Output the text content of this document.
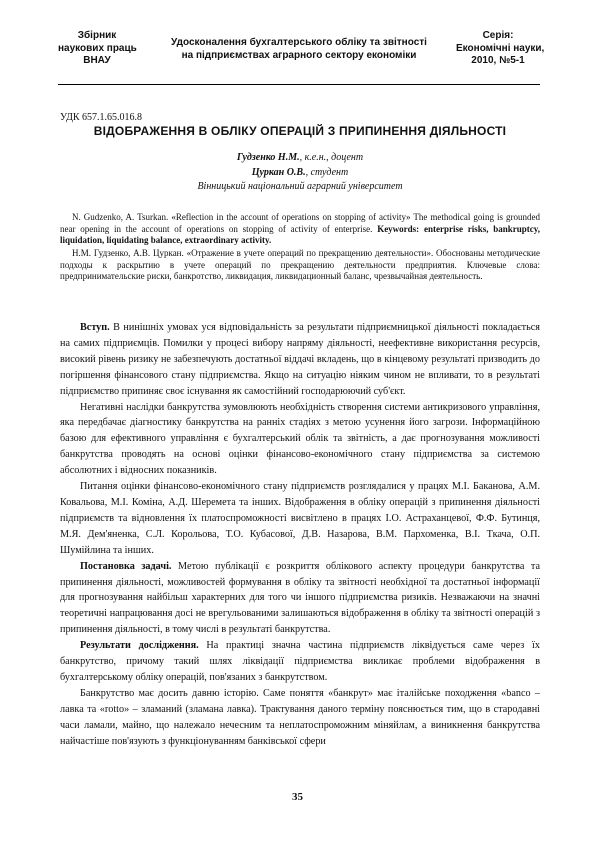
Збірник
наукових праць
ВНАУ
Удосконалення бухгалтерського обліку та звітності
на підприємствах аграрного сектору економіки
Серія:
Економічні науки,
2010, №5-1
УДК 657.1.65.016.8
ВІДОБРАЖЕННЯ В ОБЛІКУ ОПЕРАЦІЙ З ПРИПИНЕННЯ ДІЯЛЬНОСТІ
Гудзенко Н.М., к.е.н., доцент
Цуркан О.В., студент
Вінницький національний аграрний університет
N. Gudzenko, A. Tsurkan. «Reflection in the account of operations on stopping of activity» The methodical going is grounded near opening in the account of operations on stopping of activity of enterprise. Keywords: enterprise risks, bankruptcy, liquidation, liquidating balance, extraordinary activity.
Н.М. Гудзенко, А.В. Цуркан. «Отражение в учете операций по прекращению деятельности». Обоснованы методические подходы к раскрытию в учете операций по прекращению деятельности предприятия. Ключевые слова: предпринимательские риски, банкротство, ликвидация, ликвидационный баланс, чрезвычайная деятельность.

Вступ. В нинішніх умовах уся відповідальність за результати підприємницької діяльності покладається на самих підприємців. Помилки у процесі вибору напряму діяльності, неефективне використання ресурсів, високий рівень ризику не забезпечують достатньої віддачі вкладень, що в кінцевому результаті призводить до погіршення фінансового стану підприємства. Якщо на ситуацію ніяким чином не впливати, то в результаті підприємство припиняє своє існування як самостійний господарюючий суб'єкт.

Негативні наслідки банкрутства зумовлюють необхідність створення системи антикризового управління, яка передбачає діагностику банкрутства на ранніх стадіях з метою усунення його загрози. Інформаційною базою для ефективного управління є бухгалтерський облік та звітність, а дає прогнозування можливості банкрутства проводять на основі оцінки фінансово-економічного стану підприємства за системою абсолютних і відносних показників.

Питання оцінки фінансово-економічного стану підприємств розглядалися у працях М.І. Баканова, А.М. Ковальова, М.І. Коміна, А.Д. Шеремета та інших. Відображення в обліку операцій з припинення діяльності підприємств та відновлення їх платоспроможності висвітлено в працях І.О. Астраханцевої, Ф.Ф. Бутинця, М.Я. Дем'яненка, С.Л. Корольова, Т.О. Кубасової, Д.В. Назарова, В.М. Пархоменка, В.І. Ткача, О.П. Шумійлина та інших.

Постановка задачі. Метою публікації є розкриття облікового аспекту процедури банкрутства та припинення діяльності, можливостей формування в обліку та звітності необхідної та достатньої інформації для прогнозування найбільш характерних для того чи іншого підприємства ризиків. Незважаючи на значні теоретичні напрацювання досі не врегульованими залишаються відображення в обліку та звітності операцій з припинення діяльності, в тому числі в результаті банкрутства.

Результати дослідження. На практиці значна частина підприємств ліквідується саме через їх банкрутство, причому такий шлях ліквідації підприємства викликає проблеми відображення в бухгалтерському обліку операцій, пов'язаних з банкрутством.

Банкрутство має досить давню історію. Саме поняття «банкрут» має італійське походження «banco – лавка та «rotto» – зламаний (зламана лавка). Трактування даного терміну пояснюється тим, що в стародавні часи ламали, майно, що належало нечесним та неплатоспроможним міняйлам, а виникнення банкрутства найчастіше пов'язують з функціонуванням банківської сфери

35
